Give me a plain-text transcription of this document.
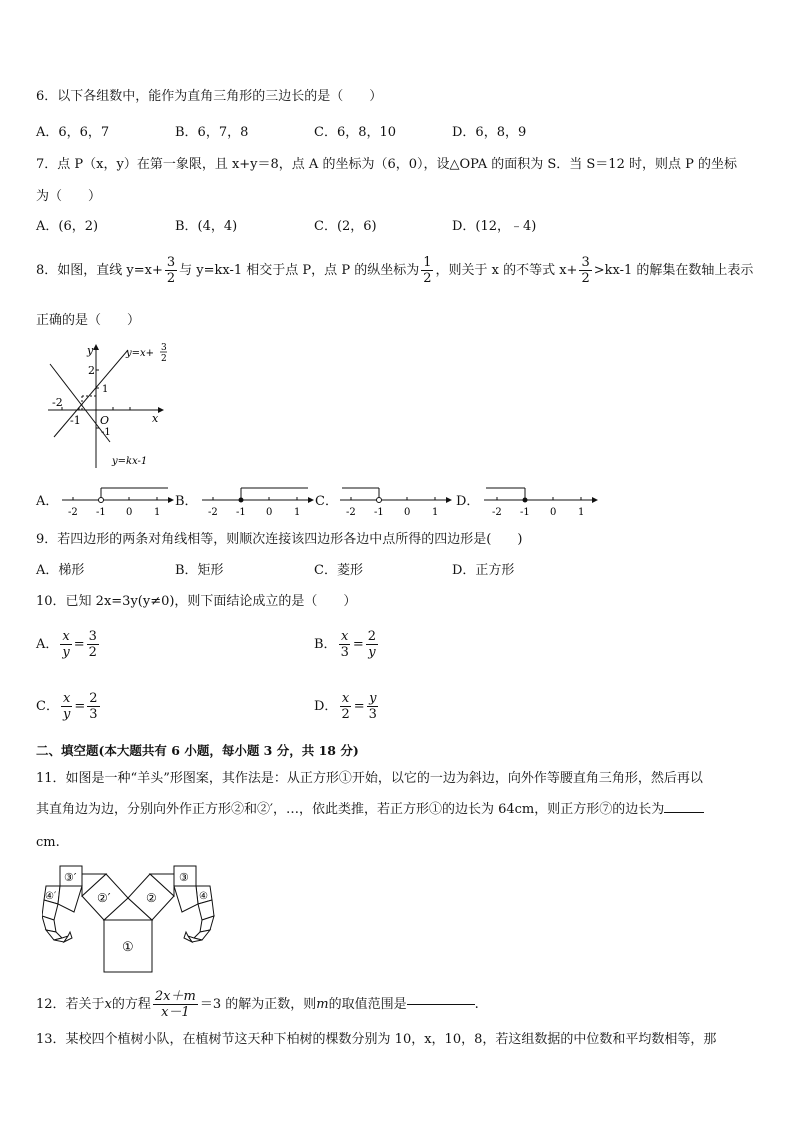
6．以下各组数中，能作为直角三角形的三边长的是（　　）
A．6，6，7	B．6，7，8	C．6，8，10	D．6，8，9
7．点 P（x，y）在第一象限，且 x+y＝8，点 A 的坐标为（6，0），设△OPA 的面积为 S．当 S＝12 时，则点 P 的坐标
为（　　）
A．(6，2)	B．(4，4)	C．(2，6)	D．(12，﹣4)
8．如图，直线 $y=x+ \frac{3}{2}$ 与 y=kx-1 相交于点 P，点 P 的纵坐标为 $\frac{1}{2}$ ，则关于 x 的不等式 $x+ \frac{3}{2} >kx-1$ 的解集在数轴上表示
正确的是（　　）
y
x
O
2
1
-2
-1
-1
y=x+ 3
2
y=kx-1
A．
-2 -1 0 1
B．
-2 -1 0 1
C．
-2 -1 0 1
D．
-2 -1 0 1
9．若四边形的两条对角线相等，则顺次连接该四边形各边中点所得的四边形是(　　)
A．梯形	B．矩形	C．菱形	D．正方形
10．已知 2x=3y(y≠0)，则下面结论成立的是（　　）
A． $\frac{x}{y} = \frac{3}{2}$	B． $\frac{x}{3} = \frac{2}{y}$
C． $\frac{x}{y} = \frac{2}{3}$	D． $\frac{x}{2} = \frac{y}{3}$
二、填空题(本大题共有 6 小题，每小题 3 分，共 18 分)
11．如图是一种“羊头”形图案，其作法是：从正方形①开始，以它的一边为斜边，向外作等腰直角三角形，然后再以
其直角边为边，分别向外作正方形②和②′，…，依此类推，若正方形①的边长为 64cm，则正方形⑦的边长为
cm.
①
②
②′
③
③′
④
④′
12．若关于x的方程 $\frac{2x+m}{x-1} =3$ 的解为正数，则m的取值范围是	.
13．某校四个植树小队，在植树节这天种下柏树的棵数分别为 10，x，10，8，若这组数据的中位数和平均数相等，那
